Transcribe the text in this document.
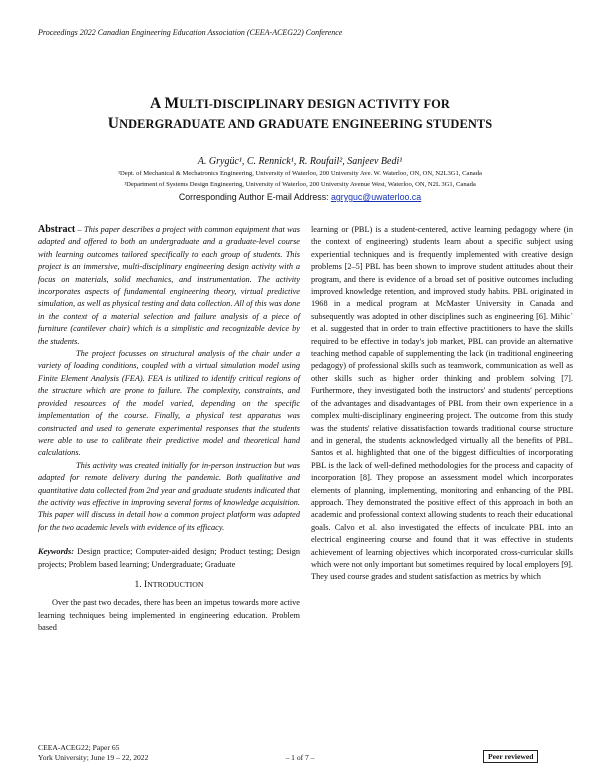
Proceedings 2022 Canadian Engineering Education Association (CEEA-ACEG22) Conference
A MULTI-DISCIPLINARY DESIGN ACTIVITY FOR
UNDERGRADUATE AND GRADUATE ENGINEERING STUDENTS
A. Grygüc¹, C. Rennick¹, R. Roufail², Sanjeev Bedi¹
¹Dept. of Mechanical & Mechatronics Engineering, University of Waterloo, 200 University Ave. W. Waterloo, ON, ON, N2L3G1, Canada
¹Department of Systems Design Engineering, University of Waterloo, 200 University Avenue West, Waterloo, ON, N2L 3G1, Canada
Corresponding Author E-mail Address: agryguc@uwaterloo.ca

Abstract – This paper describes a project with common equipment that was adapted and offered to both an undergraduate and a graduate-level course with learning outcomes tailored specifically to each group of students. This project is an immersive, multi-disciplinary engineering design activity with a focus on materials, solid mechanics, and instrumentation. The activity incorporates aspects of fundamental engineering theory, virtual predictive simulation, as well as physical testing and data collection. All of this was done in the context of a material selection and failure analysis of a piece of furniture (cantilever chair) which is a simplistic and recognizable device by the students.

The project focusses on structural analysis of the chair under a variety of loading conditions, coupled with a virtual simulation model using Finite Element Analysis (FEA). FEA is utilized to identify critical regions of the structure which are prone to failure. The complexity, constraints, and provided resources of the model varied, depending on the specific implementation of the course. Finally, a physical test apparatus was constructed and used to generate experimental responses that the students were able to use to calibrate their predictive model and theoretical hand calculations.

This activity was created initially for in-person instruction but was adapted for remote delivery during the pandemic. Both qualitative and quantitative data collected from 2nd year and graduate students indicated that the activity was effective in improving several forms of knowledge acquisition. This paper will discuss in detail how a common project platform was adapted for the two academic levels with evidence of its efficacy.

Keywords: Design practice; Computer-aided design; Product testing; Design projects; Problem based learning; Undergraduate; Graduate

1. INTRODUCTION

Over the past two decades, there has been an impetus towards more active learning techniques being implemented in engineering education. Problem based

learning or (PBL) is a student-centered, active learning pedagogy where (in the context of engineering) students learn about a specific subject using experiential techniques and is frequently implemented with creative design problems [2–5] PBL has been shown to improve student attitudes about their program, and there is evidence of a broad set of positive outcomes including improved knowledge retention, and improved study habits. PBL originated in 1968 in a medical program at McMaster University in Canada and subsequently was adopted in other disciplines such as engineering [6]. Mihic´ et al. suggested that in order to train effective practitioners to have the skills required to be effective in today's job market, PBL can provide an alternative teaching method capable of supplementing the lack (in traditional engineering pedagogy) of professional skills such as teamwork, communication as well as other skills such as higher order thinking and problem solving [7]. Furthermore, they investigated both the instructors' and students' perceptions of the advantages and disadvantages of PBL from their own experience in a complex multi-disciplinary engineering project. The outcome from this study was the students' relative dissatisfaction towards traditional course structure and in general, the students acknowledged virtually all the benefits of PBL. Santos et al. highlighted that one of the biggest difficulties of incorporating PBL is the lack of well-defined methodologies for the process and capacity of incorporation [8]. They propose an assessment model which incorporates elements of planning, implementing, monitoring and enhancing of the PBL approach. They demonstrated the positive effect of this approach in both an academic and professional context allowing students to reach their educational goals. Calvo et al. also investigated the effects of inculcate PBL into an electrical engineering course and found that it was effective in students achievement of learning objectives which incorporated cross-curricular skills which were not only important but sometimes required by local employers [9]. They used course grades and student satisfaction as metrics by which

CEEA-ACEG22; Paper 65
York University; June 19 – 22, 2022	– 1 of 7 –	Peer reviewed
